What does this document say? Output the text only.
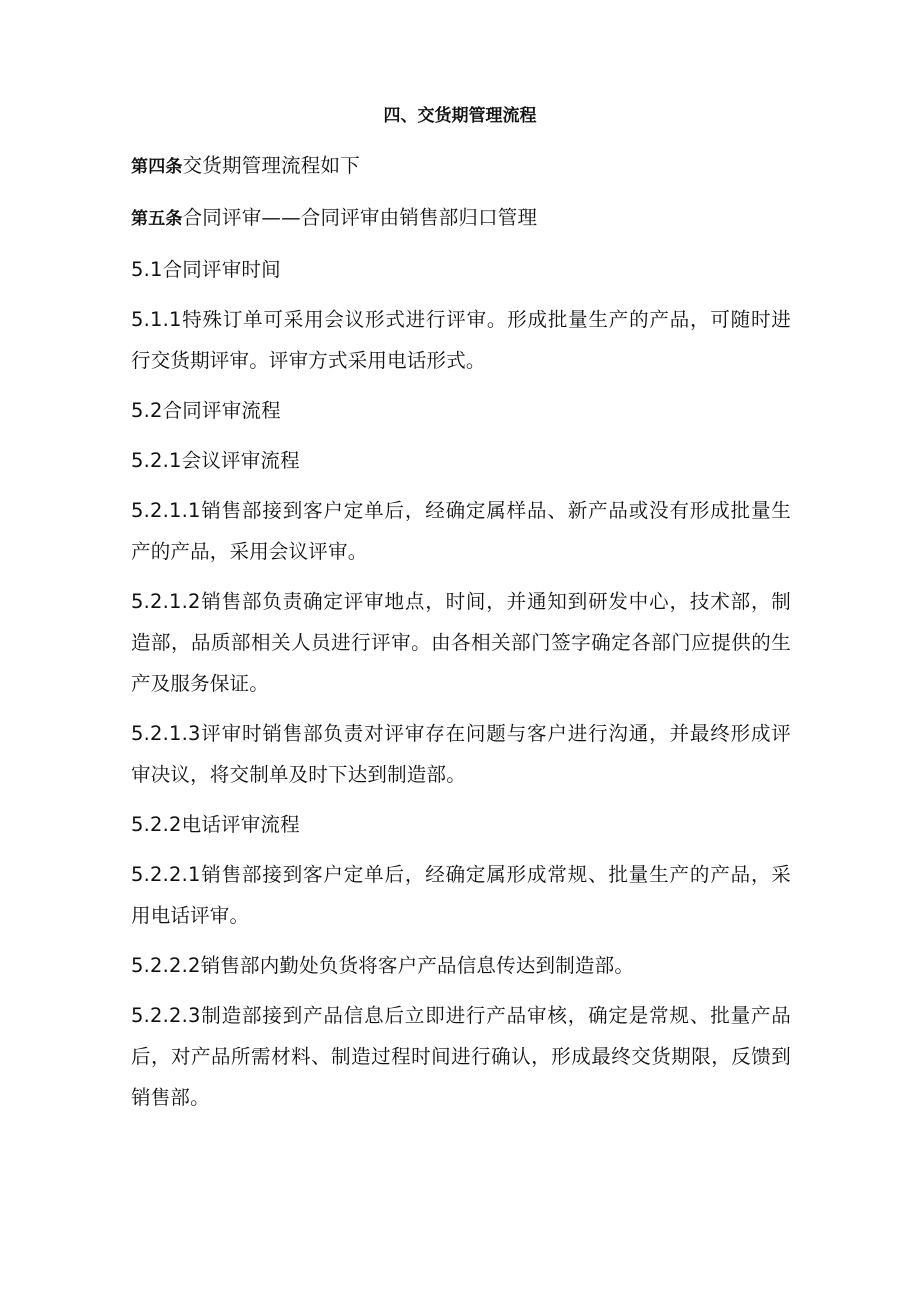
四、交货期管理流程

第四条交货期管理流程如下

第五条合同评审——合同评审由销售部归口管理

5.1合同评审时间

5.1.1特殊订单可采用会议形式进行评审。形成批量生产的产品，可随时进行交货期评审。评审方式采用电话形式。

5.2合同评审流程

5.2.1会议评审流程

5.2.1.1销售部接到客户定单后，经确定属样品、新产品或没有形成批量生产的产品，采用会议评审。

5.2.1.2销售部负责确定评审地点，时间，并通知到研发中心，技术部，制造部，品质部相关人员进行评审。由各相关部门签字确定各部门应提供的生产及服务保证。

5.2.1.3评审时销售部负责对评审存在问题与客户进行沟通，并最终形成评审决议，将交制单及时下达到制造部。

5.2.2电话评审流程

5.2.2.1销售部接到客户定单后，经确定属形成常规、批量生产的产品，采用电话评审。

5.2.2.2销售部内勤处负货将客户产品信息传达到制造部。

5.2.2.3制造部接到产品信息后立即进行产品审核，确定是常规、批量产品后，对产品所需材料、制造过程时间进行确认，形成最终交货期限，反馈到销售部。
